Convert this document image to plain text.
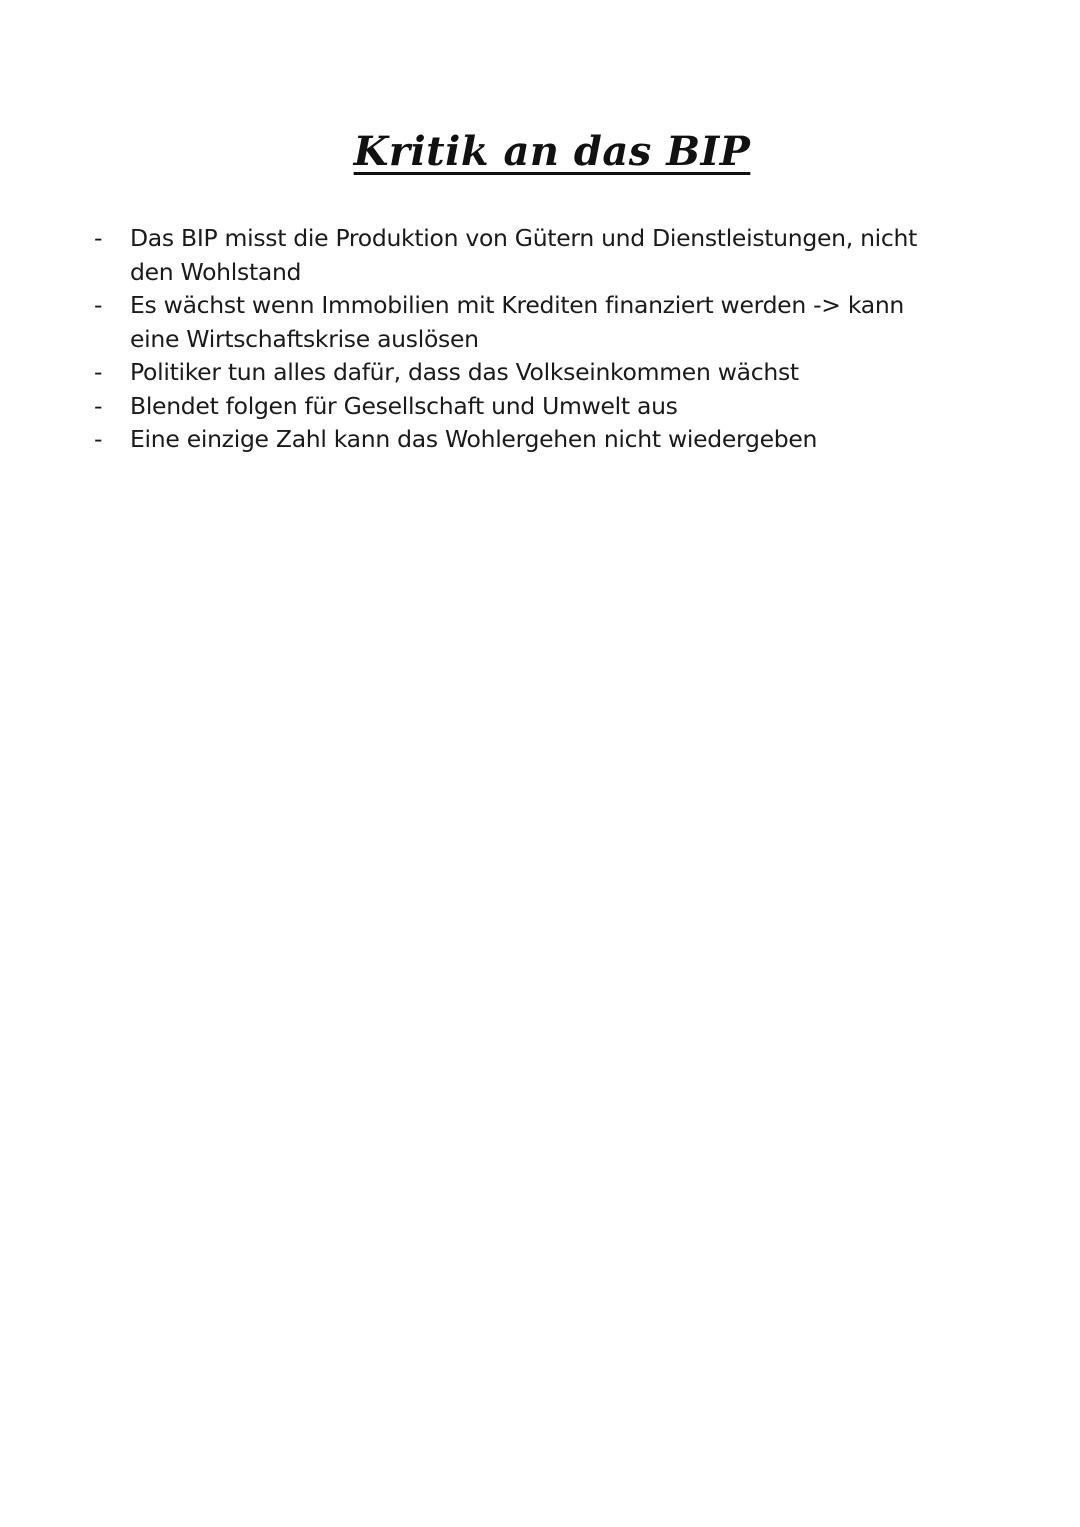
Kritik an das BIP
- Das BIP misst die Produktion von Gütern und Dienstleistungen, nicht den Wohlstand
- Es wächst wenn Immobilien mit Krediten finanziert werden -> kann eine Wirtschaftskrise auslösen
- Politiker tun alles dafür, dass das Volkseinkommen wächst
- Blendet folgen für Gesellschaft und Umwelt aus
- Eine einzige Zahl kann das Wohlergehen nicht wiedergeben
